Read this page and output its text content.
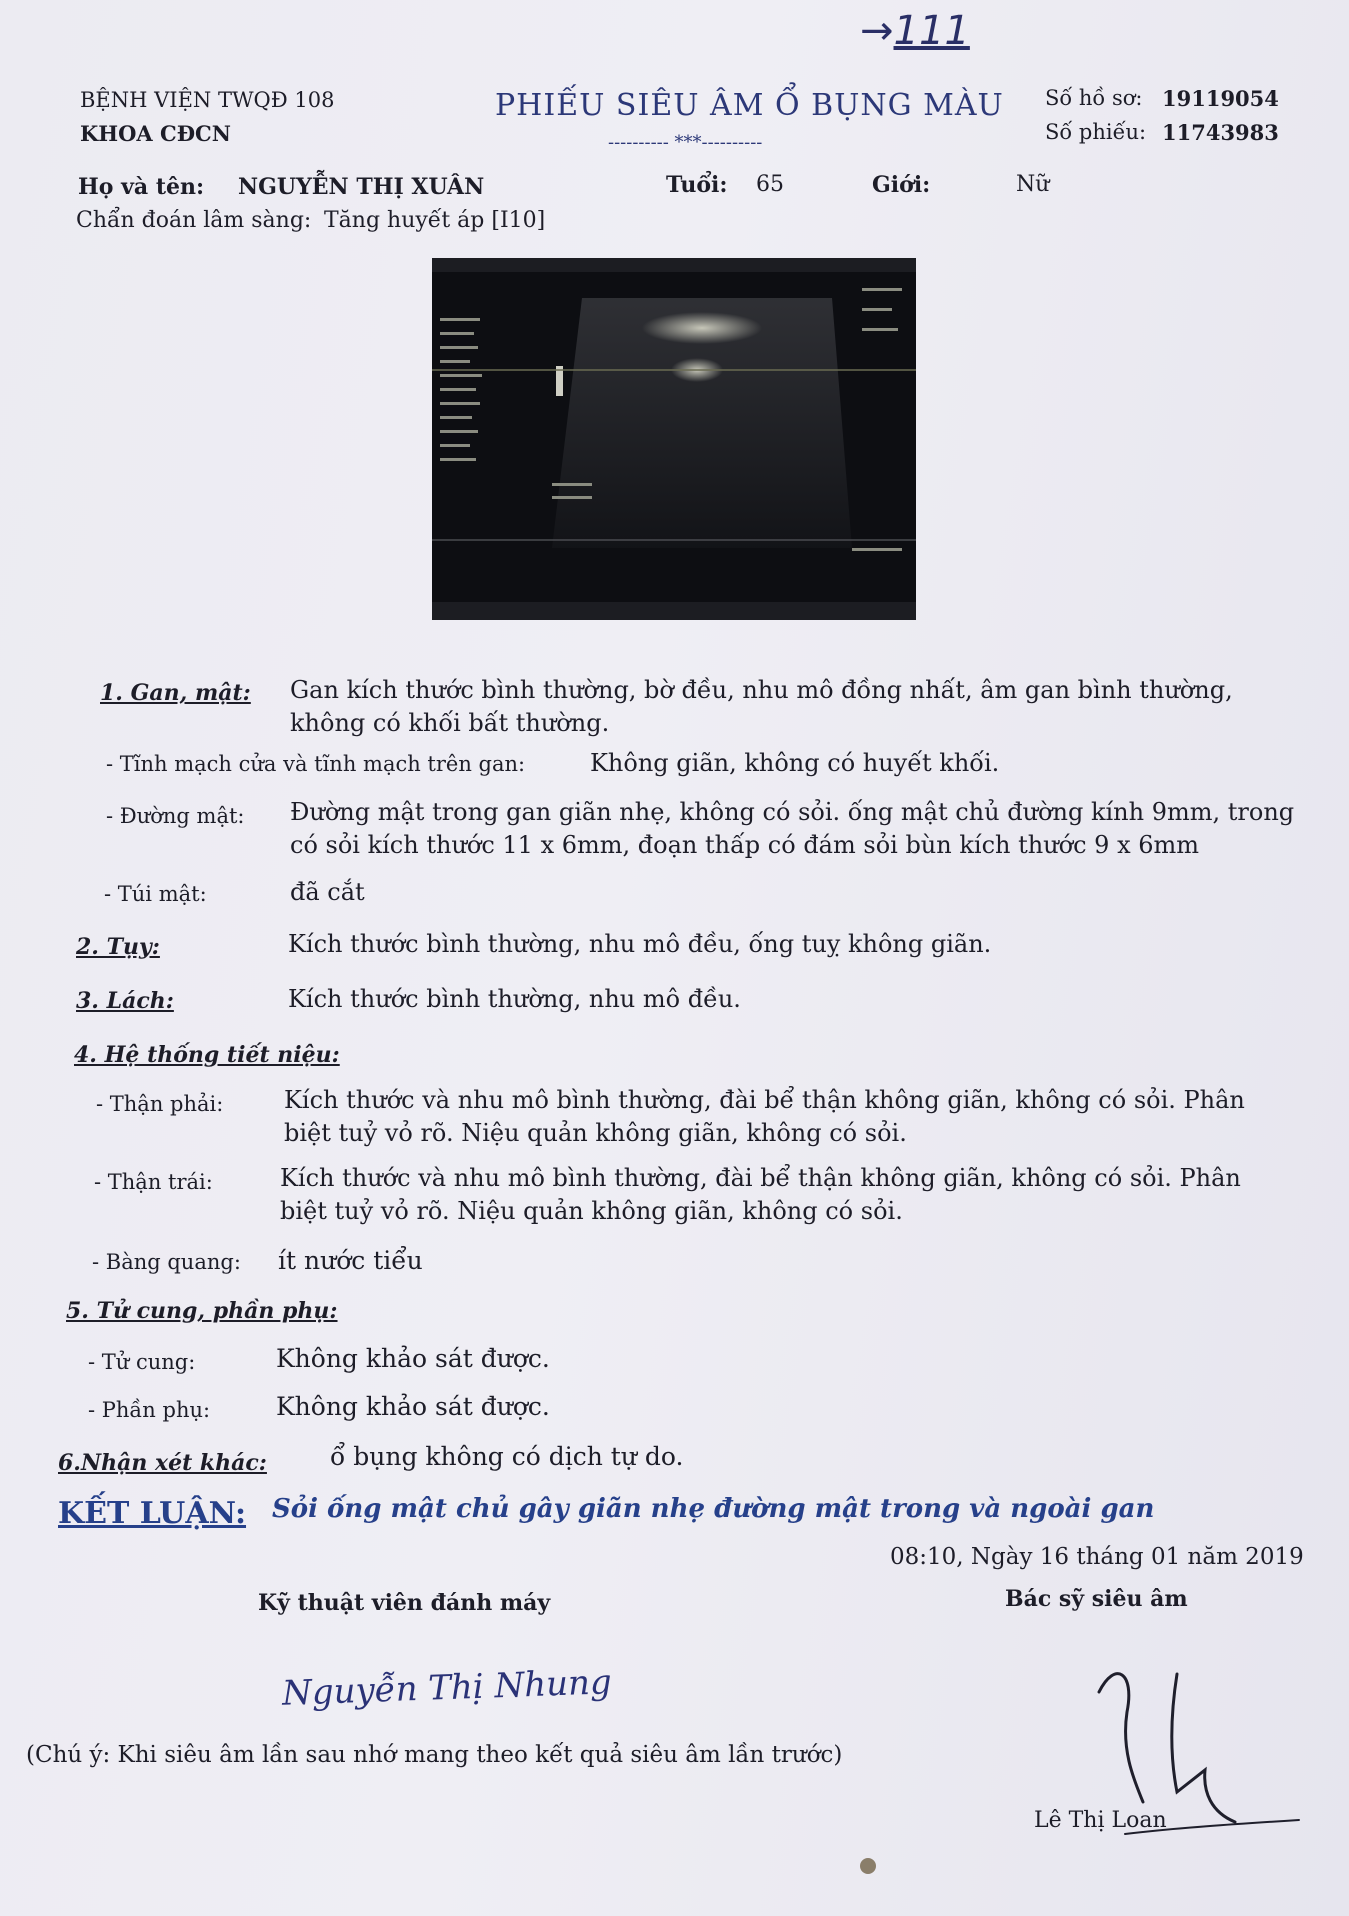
→111
BỆNH VIỆN TWQĐ 108
KHOA CĐCN
PHIẾU SIÊU ÂM Ổ BỤNG MÀU
---------- ***----------
Số hồ sơ: 19119054
Số phiếu: 11743983
Họ và tên: NGUYỄN THỊ XUÂN	Tuổi: 65	Giới:	Nữ
Chẩn đoán lâm sàng: Tăng huyết áp [I10]
1. Gan, mật: Gan kích thước bình thường, bờ đều, nhu mô đồng nhất, âm gan bình thường, không có khối bất thường.
- Tĩnh mạch cửa và tĩnh mạch trên gan:	Không giãn, không có huyết khối.
- Đường mật: Đường mật trong gan giãn nhẹ, không có sỏi. ống mật chủ đường kính 9mm, trong có sỏi kích thước 11 x 6mm, đoạn thấp có đám sỏi bùn kích thước 9 x 6mm
- Túi mật:	đã cắt
2. Tụy:	Kích thước bình thường, nhu mô đều, ống tuỵ không giãn.
3. Lách:	Kích thước bình thường, nhu mô đều.
4. Hệ thống tiết niệu:
- Thận phải:	Kích thước và nhu mô bình thường, đài bể thận không giãn, không có sỏi. Phân biệt tuỷ vỏ rõ. Niệu quản không giãn, không có sỏi.
- Thận trái:	Kích thước và nhu mô bình thường, đài bể thận không giãn, không có sỏi. Phân biệt tuỷ vỏ rõ. Niệu quản không giãn, không có sỏi.
- Bàng quang: ít nước tiểu
5. Tử cung, phần phụ:
- Tử cung:	Không khảo sát được.
- Phần phụ:	Không khảo sát được.
6.Nhận xét khác:	ổ bụng không có dịch tự do.
KẾT LUẬN: Sỏi ống mật chủ gây giãn nhẹ đường mật trong và ngoài gan
08:10, Ngày 16 tháng 01 năm 2019
Kỹ thuật viên đánh máy	Bác sỹ siêu âm
Nguyễn Thị Nhung
(Chú ý: Khi siêu âm lần sau nhớ mang theo kết quả siêu âm lần trước)
Lê Thị Loan
